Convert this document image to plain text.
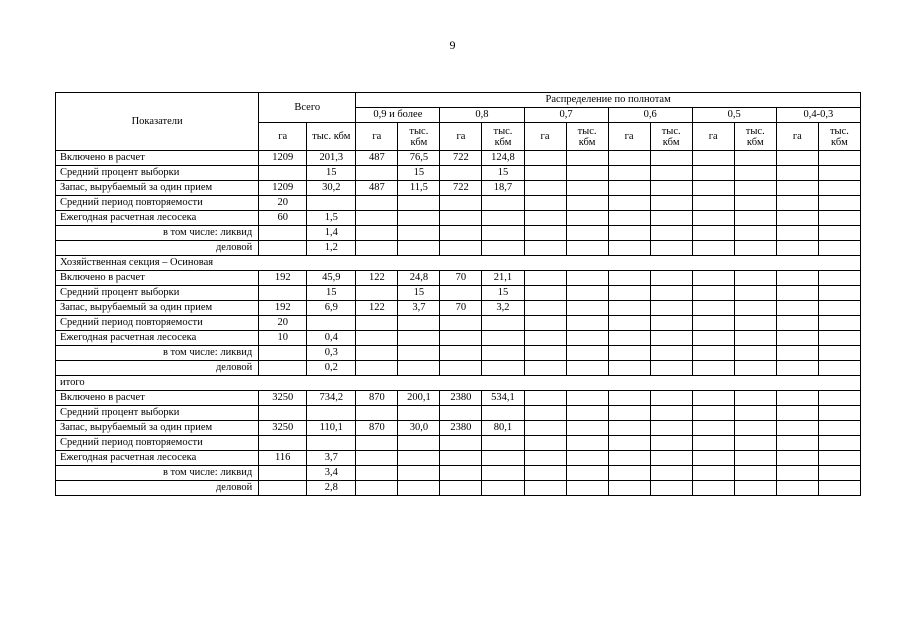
9
Показатели	Всего		Распределение по полнотам											
			0,9 и более		0,8		0,7		0,6		0,5		0,4-0,3	
	га	тыс. кбм	га	тыс. кбм	га	тыс. кбм	га	тыс. кбм	га	тыс. кбм	га	тыс. кбм	га	тыс. кбм
Включено в расчет	1209	201,3	487	76,5	722	124,8								
Средний процент выборки		15		15		15								
Запас, вырубаемый за один прием	1209	30,2	487	11,5	722	18,7								
Средний период повторяемости	20													
Ежегодная расчетная лесосека	60	1,5												
в том числе: ликвид		1,4												
деловой		1,2												
Хозяйственная секция – Осиновая														
Включено в расчет	192	45,9	122	24,8	70	21,1								
Средний процент выборки		15		15		15								
Запас, вырубаемый за один прием	192	6,9	122	3,7	70	3,2								
Средний период повторяемости	20													
Ежегодная расчетная лесосека	10	0,4												
в том числе: ликвид		0,3												
деловой		0,2												
итого														
Включено в расчет	3250	734,2	870	200,1	2380	534,1								
Средний процент выборки														
Запас, вырубаемый за один прием	3250	110,1	870	30,0	2380	80,1								
Средний период повторяемости														
Ежегодная расчетная лесосека	116	3,7												
в том числе: ликвид		3,4												
деловой		2,8												
